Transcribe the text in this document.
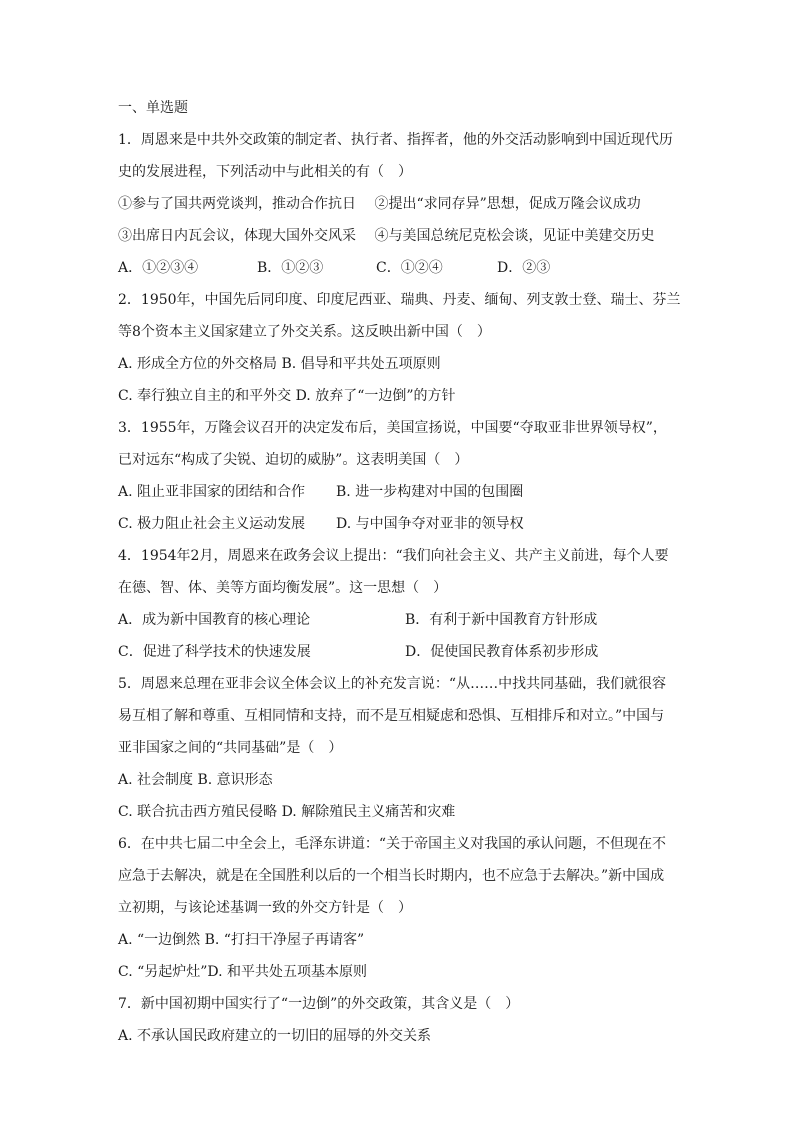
一、单选题
1．周恩来是中共外交政策的制定者、执行者、指挥者，他的外交活动影响到中国近现代历
史的发展进程，下列活动中与此相关的有（　）
①参与了国共两党谈判，推动合作抗日　 ②提出“求同存异”思想，促成万隆会议成功
③出席日内瓦会议，体现大国外交风采　 ④与美国总统尼克松会谈，见证中美建交历史
A．①②③④	B．①②③	C．①②④	D．②③
2．1950年，中国先后同印度、印度尼西亚、瑞典、丹麦、缅甸、列支敦士登、瑞士、芬兰
等8个资本主义国家建立了外交关系。这反映出新中国（　）
A. 形成全方位的外交格局 B. 倡导和平共处五项原则
C. 奉行独立自主的和平外交 D. 放弃了“一边倒”的方针
3．1955年，万隆会议召开的决定发布后，美国宣扬说，中国要“夺取亚非世界领导权”，
已对远东“构成了尖锐、迫切的威胁”。这表明美国（　）
A. 阻止亚非国家的团结和合作 B. 进一步构建对中国的包围圈
C. 极力阻止社会主义运动发展 D. 与中国争夺对亚非的领导权
4．1954年2月，周恩来在政务会议上提出：“我们向社会主义、共产主义前进，每个人要
在德、智、体、美等方面均衡发展”。这一思想（　）
A．成为新中国教育的核心理论	B．有利于新中国教育方针形成
C．促进了科学技术的快速发展	D．促使国民教育体系初步形成
5．周恩来总理在亚非会议全体会议上的补充发言说：“从……中找共同基础，我们就很容
易互相了解和尊重、互相同情和支持，而不是互相疑虑和恐惧、互相排斥和对立。”中国与
亚非国家之间的“共同基础”是（　）
A. 社会制度 B. 意识形态
C. 联合抗击西方殖民侵略 D. 解除殖民主义痛苦和灾难
6．在中共七届二中全会上，毛泽东讲道：“关于帝国主义对我国的承认问题，不但现在不
应急于去解决，就是在全国胜利以后的一个相当长时期内，也不应急于去解决。”新中国成
立初期，与该论述基调一致的外交方针是（　）
A. “一边倒然 B. “打扫干净屋子再请客”
C. “另起炉灶”D. 和平共处五项基本原则
7．新中国初期中国实行了“一边倒”的外交政策，其含义是（　）
A. 不承认国民政府建立的一切旧的屈辱的外交关系
